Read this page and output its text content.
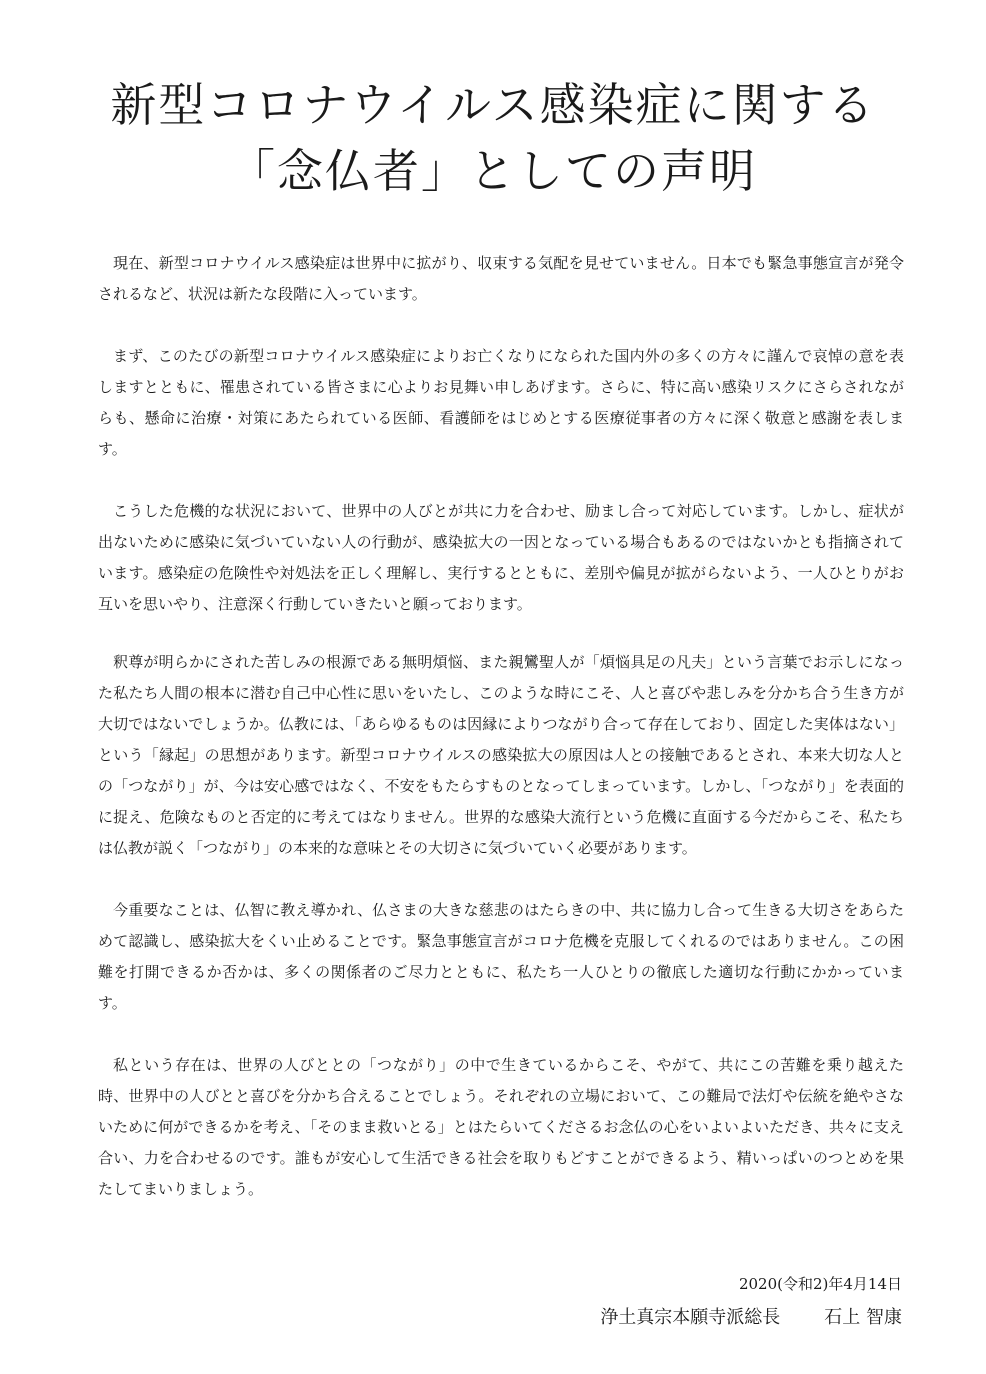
新型コロナウイルス感染症に関する
「念仏者」としての声明

現在、新型コロナウイルス感染症は世界中に拡がり、収束する気配を見せていません。日本でも緊急事態宣言が発令されるなど、状況は新たな段階に入っています。

まず、このたびの新型コロナウイルス感染症によりお亡くなりになられた国内外の多くの方々に謹んで哀悼の意を表しますとともに、罹患されている皆さまに心よりお見舞い申しあげます。さらに、特に高い感染リスクにさらされながらも、懸命に治療・対策にあたられている医師、看護師をはじめとする医療従事者の方々に深く敬意と感謝を表します。

こうした危機的な状況において、世界中の人びとが共に力を合わせ、励まし合って対応しています。しかし、症状が出ないために感染に気づいていない人の行動が、感染拡大の一因となっている場合もあるのではないかとも指摘されています。感染症の危険性や対処法を正しく理解し、実行するとともに、差別や偏見が拡がらないよう、一人ひとりがお互いを思いやり、注意深く行動していきたいと願っております。

釈尊が明らかにされた苦しみの根源である無明煩悩、また親鸞聖人が「煩悩具足の凡夫」という言葉でお示しになった私たち人間の根本に潜む自己中心性に思いをいたし、このような時にこそ、人と喜びや悲しみを分かち合う生き方が大切ではないでしょうか。仏教には、「あらゆるものは因縁によりつながり合って存在しており、固定した実体はない」という「縁起」の思想があります。新型コロナウイルスの感染拡大の原因は人との接触であるとされ、本来大切な人との「つながり」が、今は安心感ではなく、不安をもたらすものとなってしまっています。しかし、「つながり」を表面的に捉え、危険なものと否定的に考えてはなりません。世界的な感染大流行という危機に直面する今だからこそ、私たちは仏教が説く「つながり」の本来的な意味とその大切さに気づいていく必要があります。

今重要なことは、仏智に教え導かれ、仏さまの大きな慈悲のはたらきの中、共に協力し合って生きる大切さをあらためて認識し、感染拡大をくい止めることです。緊急事態宣言がコロナ危機を克服してくれるのではありません。この困難を打開できるか否かは、多くの関係者のご尽力とともに、私たち一人ひとりの徹底した適切な行動にかかっています。

私という存在は、世界の人びととの「つながり」の中で生きているからこそ、やがて、共にこの苦難を乗り越えた時、世界中の人びとと喜びを分かち合えることでしょう。それぞれの立場において、この難局で法灯や伝統を絶やさないために何ができるかを考え、「そのまま救いとる」とはたらいてくださるお念仏の心をいよいよいただき、共々に支え合い、力を合わせるのです。誰もが安心して生活できる社会を取りもどすことができるよう、精いっぱいのつとめを果たしてまいりましょう。

2020(令和2)年4月14日
浄土真宗本願寺派総長 石上 智康
